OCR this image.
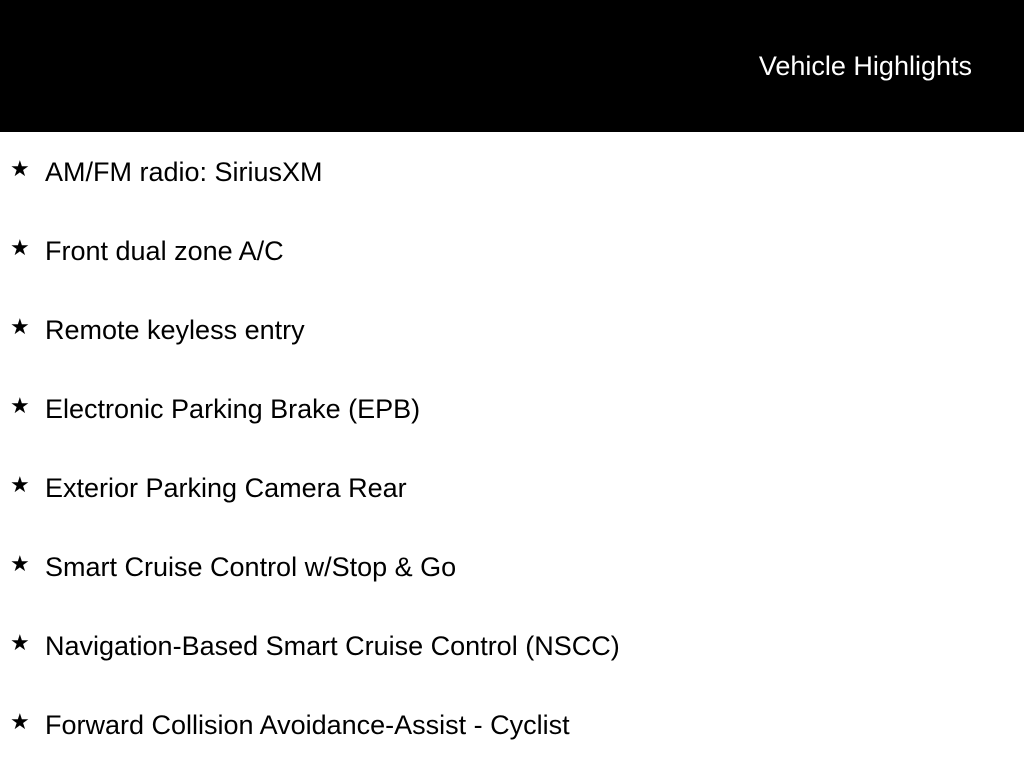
Vehicle Highlights
★ AM/FM radio: SiriusXM
★ Front dual zone A/C
★ Remote keyless entry
★ Electronic Parking Brake (EPB)
★ Exterior Parking Camera Rear
★ Smart Cruise Control w/Stop & Go
★ Navigation-Based Smart Cruise Control (NSCC)
★ Forward Collision Avoidance-Assist - Cyclist
